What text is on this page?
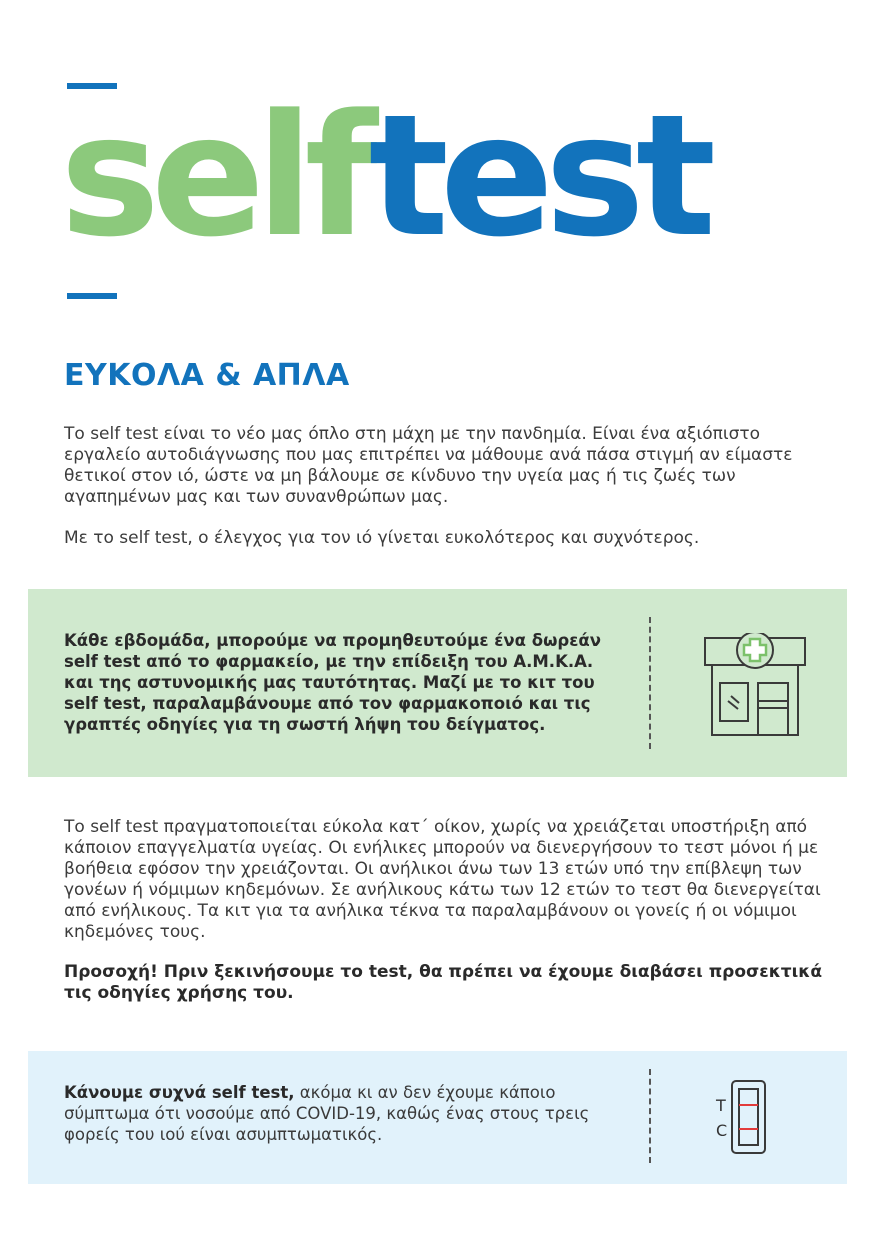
selftest
ΕΥΚΟΛΑ & ΑΠΛΑ

Το self test είναι το νέο μας όπλο στη μάχη με την πανδημία. Είναι ένα αξιόπιστο εργαλείο αυτοδιάγνωσης που μας επιτρέπει να μάθουμε ανά πάσα στιγμή αν είμαστε θετικοί στον ιό, ώστε να μη βάλουμε σε κίνδυνο την υγεία μας ή τις ζωές των αγαπημένων μας και των συνανθρώπων μας.

Με το self test, ο έλεγχος για τον ιό γίνεται ευκολότερος και συχνότερος.

Κάθε εβδομάδα, μπορούμε να προμηθευτούμε ένα δωρεάν self test από το φαρμακείο, με την επίδειξη του Α.Μ.Κ.Α. και της αστυνομικής μας ταυτότητας. Μαζί με το κιτ του self test, παραλαμβάνουμε από τον φαρμακοποιό και τις γραπτές οδηγίες για τη σωστή λήψη του δείγματος.

Το self test πραγματοποιείται εύκολα κατ΄ οίκον, χωρίς να χρειάζεται υποστήριξη από κάποιον επαγγελματία υγείας. Οι ενήλικες μπορούν να διενεργήσουν το τεστ μόνοι ή με βοήθεια εφόσον την χρειάζονται. Οι ανήλικοι άνω των 13 ετών υπό την επίβλεψη των γονέων ή νόμιμων κηδεμόνων. Σε ανήλικους κάτω των 12 ετών το τεστ θα διενεργείται από ενήλικους. Τα κιτ για τα ανήλικα τέκνα τα παραλαμβάνουν οι γονείς ή οι νόμιμοι κηδεμόνες τους.

Προσοχή! Πριν ξεκινήσουμε το test, θα πρέπει να έχουμε διαβάσει προσεκτικά τις οδηγίες χρήσης του.

Κάνουμε συχνά self test, ακόμα κι αν δεν έχουμε κάποιο σύμπτωμα ότι νοσούμε από COVID-19, καθώς ένας στους τρεις φορείς του ιού είναι ασυμπτωματικός.

T
C
